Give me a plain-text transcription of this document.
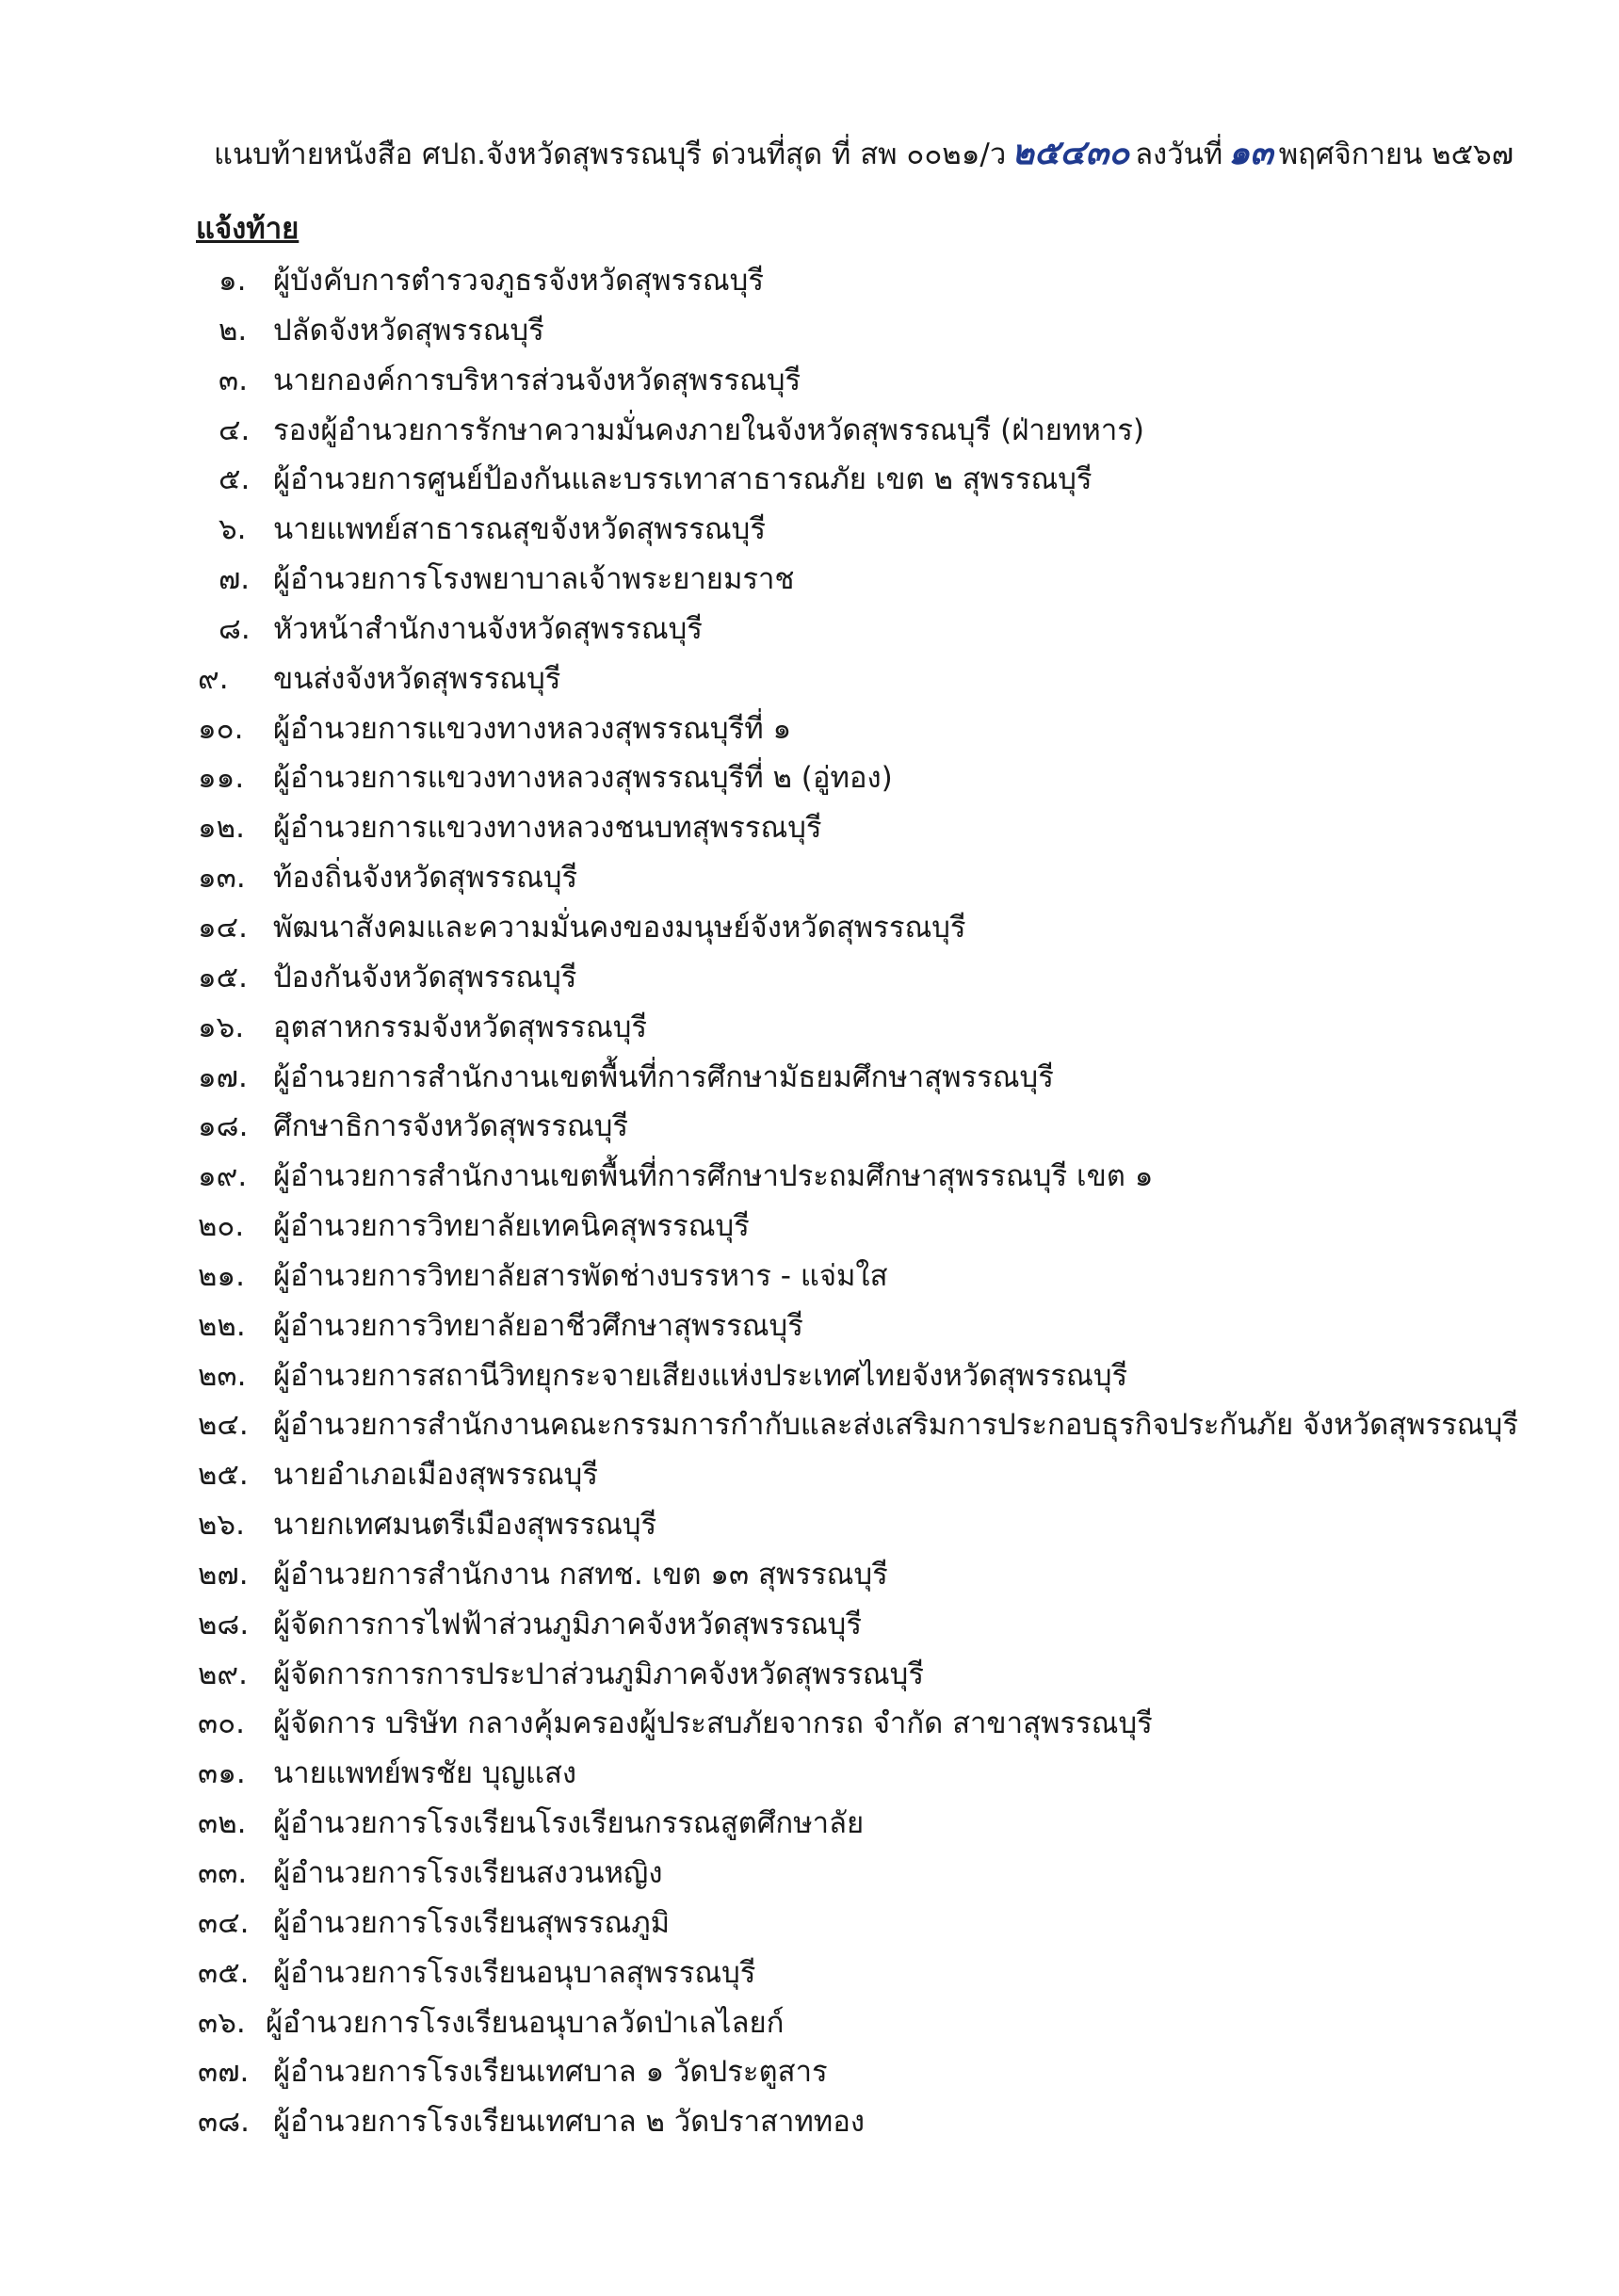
แนบท้ายหนังสือ ศปถ.จังหวัดสุพรรณบุรี ด่วนที่สุด ที่ สพ ๐๐๒๑/ว ๒๕๔๓๐ ลงวันที่ ๑๓ พฤศจิกายน ๒๕๖๗
แจ้งท้าย
๑. ผู้บังคับการตำรวจภูธรจังหวัดสุพรรณบุรี
๒. ปลัดจังหวัดสุพรรณบุรี
๓. นายกองค์การบริหารส่วนจังหวัดสุพรรณบุรี
๔. รองผู้อำนวยการรักษาความมั่นคงภายในจังหวัดสุพรรณบุรี (ฝ่ายทหาร)
๕. ผู้อำนวยการศูนย์ป้องกันและบรรเทาสาธารณภัย เขต ๒ สุพรรณบุรี
๖. นายแพทย์สาธารณสุขจังหวัดสุพรรณบุรี
๗. ผู้อำนวยการโรงพยาบาลเจ้าพระยายมราช
๘. หัวหน้าสำนักงานจังหวัดสุพรรณบุรี
๙. ขนส่งจังหวัดสุพรรณบุรี
๑๐. ผู้อำนวยการแขวงทางหลวงสุพรรณบุรีที่ ๑
๑๑. ผู้อำนวยการแขวงทางหลวงสุพรรณบุรีที่ ๒ (อู่ทอง)
๑๒. ผู้อำนวยการแขวงทางหลวงชนบทสุพรรณบุรี
๑๓. ท้องถิ่นจังหวัดสุพรรณบุรี
๑๔. พัฒนาสังคมและความมั่นคงของมนุษย์จังหวัดสุพรรณบุรี
๑๕. ป้องกันจังหวัดสุพรรณบุรี
๑๖. อุตสาหกรรมจังหวัดสุพรรณบุรี
๑๗. ผู้อำนวยการสำนักงานเขตพื้นที่การศึกษามัธยมศึกษาสุพรรณบุรี
๑๘. ศึกษาธิการจังหวัดสุพรรณบุรี
๑๙. ผู้อำนวยการสำนักงานเขตพื้นที่การศึกษาประถมศึกษาสุพรรณบุรี เขต ๑
๒๐. ผู้อำนวยการวิทยาลัยเทคนิคสุพรรณบุรี
๒๑. ผู้อำนวยการวิทยาลัยสารพัดช่างบรรหาร - แจ่มใส
๒๒. ผู้อำนวยการวิทยาลัยอาชีวศึกษาสุพรรณบุรี
๒๓. ผู้อำนวยการสถานีวิทยุกระจายเสียงแห่งประเทศไทยจังหวัดสุพรรณบุรี
๒๔. ผู้อำนวยการสำนักงานคณะกรรมการกำกับและส่งเสริมการประกอบธุรกิจประกันภัย จังหวัดสุพรรณบุรี
๒๕. นายอำเภอเมืองสุพรรณบุรี
๒๖. นายกเทศมนตรีเมืองสุพรรณบุรี
๒๗. ผู้อำนวยการสำนักงาน กสทช. เขต ๑๓ สุพรรณบุรี
๒๘. ผู้จัดการการไฟฟ้าส่วนภูมิภาคจังหวัดสุพรรณบุรี
๒๙. ผู้จัดการการการประปาส่วนภูมิภาคจังหวัดสุพรรณบุรี
๓๐. ผู้จัดการ บริษัท กลางคุ้มครองผู้ประสบภัยจากรถ จำกัด สาขาสุพรรณบุรี
๓๑. นายแพทย์พรชัย บุญแสง
๓๒. ผู้อำนวยการโรงเรียนโรงเรียนกรรณสูตศึกษาลัย
๓๓. ผู้อำนวยการโรงเรียนสงวนหญิง
๓๔. ผู้อำนวยการโรงเรียนสุพรรณภูมิ
๓๕. ผู้อำนวยการโรงเรียนอนุบาลสุพรรณบุรี
๓๖. ผู้อำนวยการโรงเรียนอนุบาลวัดป่าเลไลยก์
๓๗. ผู้อำนวยการโรงเรียนเทศบาล ๑ วัดประตูสาร
๓๘. ผู้อำนวยการโรงเรียนเทศบาล ๒ วัดปราสาททอง
